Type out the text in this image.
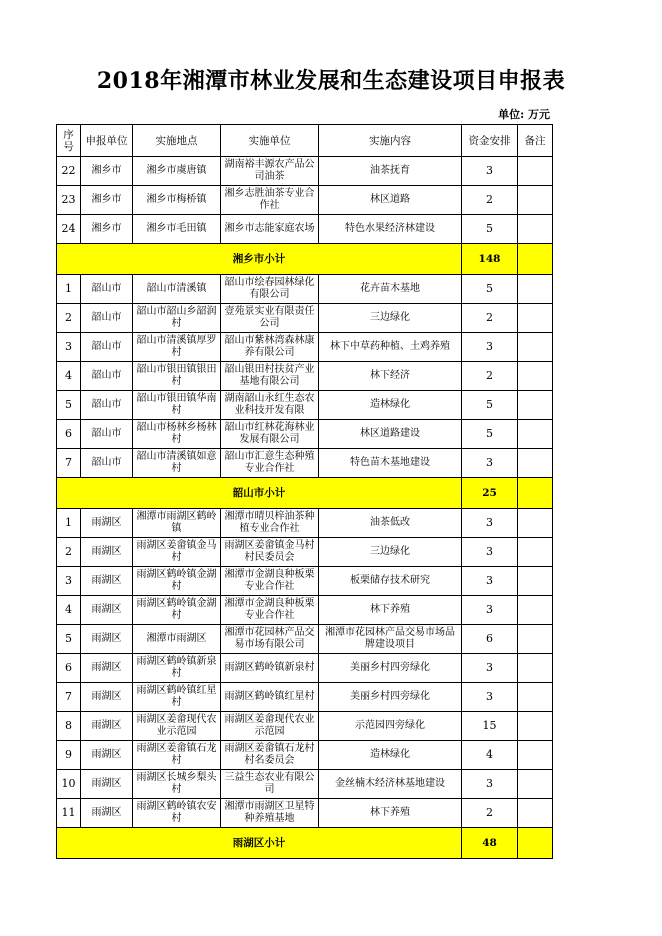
2018年湘潭市林业发展和生态建设项目申报表
单位: 万元
序号	申报单位	实施地点	实施单位	实施内容	资金安排	备注
22	湘乡市	湘乡市虞唐镇	湖南裕丰源农产品公司油茶	油茶抚育	3	
23	湘乡市	湘乡市梅桥镇	湘乡志胜油茶专业合作社	林区道路	2	
24	湘乡市	湘乡市毛田镇	湘乡市志能家庭农场	特色水果经济林建设	5	
湘乡市小计					148	
1	韶山市	韶山市清溪镇	韶山市绘春园林绿化有限公司	花卉苗木基地	5	
2	韶山市	韶山市韶山乡韶润村	壹苑景实业有限责任公司	三边绿化	2	
3	韶山市	韶山市清溪镇厚罗村	韶山市紫林湾森林康养有限公司	林下中草药种植、土鸡养殖	3	
4	韶山市	韶山市银田镇银田村	韶山银田村扶贫产业基地有限公司	林下经济	2	
5	韶山市	韶山市银田镇华南村	湖南韶山永红生态农业科技开发有限	造林绿化	5	
6	韶山市	韶山市杨林乡杨林村	韶山市红林花海林业发展有限公司	林区道路建设	5	
7	韶山市	韶山市清溪镇如意村	韶山市汇意生态种殖专业合作社	特色苗木基地建设	3	
韶山市小计					25	
1	雨湖区	湘潭市雨湖区鹤岭镇	湘潭市晴贝梓油茶种植专业合作社	油茶低改	3	
2	雨湖区	雨湖区姜畲镇金马村	雨湖区姜畲镇金马村村民委员会	三边绿化	3	
3	雨湖区	雨湖区鹤岭镇金湖村	湘潭市金湖良种板栗专业合作社	板栗储存技术研究	3	
4	雨湖区	雨湖区鹤岭镇金湖村	湘潭市金湖良种板栗专业合作社	林下养殖	3	
5	雨湖区	湘潭市雨湖区	湘潭市花园林产品交易市场有限公司	湘潭市花园林产品交易市场品牌建设项目	6	
6	雨湖区	雨湖区鹤岭镇新泉村	雨湖区鹤岭镇新泉村	美丽乡村四旁绿化	3	
7	雨湖区	雨湖区鹤岭镇红星村	雨湖区鹤岭镇红星村	美丽乡村四旁绿化	3	
8	雨湖区	雨湖区姜畲现代农业示范园	雨湖区姜畲现代农业示范园	示范园四旁绿化	15	
9	雨湖区	雨湖区姜畲镇石龙村	雨湖区姜畲镇石龙村村名委员会	造林绿化	4	
10	雨湖区	雨湖区长城乡梨头村	三益生态农业有限公司	金丝楠木经济林基地建设	3	
11	雨湖区	雨湖区鹤岭镇农安村	湘潭市雨湖区卫星特种养殖基地	林下养殖	2	
雨湖区小计					48	
